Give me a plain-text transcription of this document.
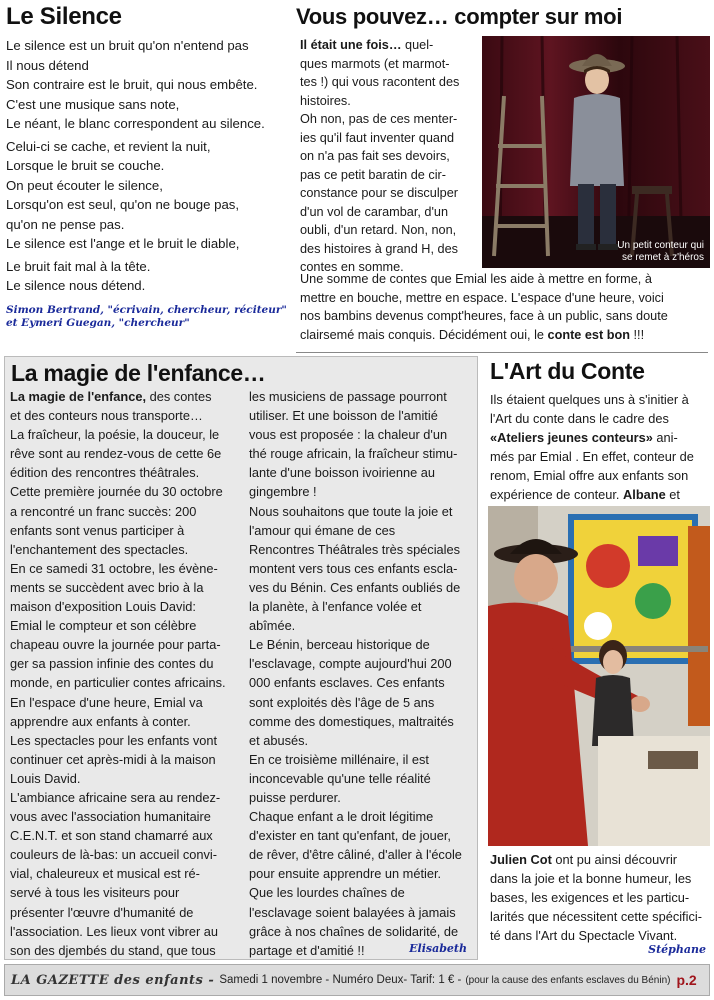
Le Silence
Le silence est un bruit qu'on n'entend pas
Il nous détend
Son contraire est le bruit, qui nous embête.
C'est une musique sans note,
Le néant, le blanc correspondent au silence.
Celui-ci se cache, et revient la nuit,
Lorsque le bruit se couche.
On peut écouter le silence,
Lorsqu'on est seul, qu'on ne bouge pas,
qu'on ne pense pas.
Le silence est l'ange et le bruit le diable,
Le bruit fait mal à la tête.
Le silence nous détend.
Simon Bertrand, "écrivain, chercheur, réciteur"
et Eymeri Guegan, "chercheur"
Vous pouvez… compter sur moi
Il était une fois… quel-
ques marmots (et marmot-
tes !) qui vous racontent des
histoires.
Oh non, pas de ces menter-
ies qu'il faut inventer quand
on n'a pas fait ses devoirs,
pas ce petit baratin de cir-
constance pour se disculper
d'un vol de carambar, d'un
oubli, d'un retard. Non, non,
des histoires à grand H, des
contes en somme.
Un petit conteur qui
se remet à z'héros
Une somme de contes que Emial les aide à mettre en forme, à
mettre en bouche, mettre en espace. L'espace d'une heure, voici
nos bambins devenus compt'heures, face à un public, sans doute
clairsemé mais conquis. Décidément oui, le conte est bon !!!
La magie de l'enfance…
La magie de l'enfance, des contes
et des conteurs nous transporte…
La fraîcheur, la poésie, la douceur, le
rêve sont au rendez-vous de cette 6e
édition des rencontres théâtrales.
Cette première journée du 30 octobre
a rencontré un franc succès: 200
enfants sont venus participer à
l'enchantement des spectacles.
En ce samedi 31 octobre, les évène-
ments se succèdent avec brio à la
maison d'exposition Louis David:
Emial le compteur et son célèbre
chapeau ouvre la journée pour parta-
ger sa passion infinie des contes du
monde, en particulier contes africains.
En l'espace d'une heure, Emial va
apprendre aux enfants à conter.
Les spectacles pour les enfants vont
continuer cet après-midi à la maison
Louis David.
L'ambiance africaine sera au rendez-
vous avec l'association humanitaire
C.E.N.T. et son stand chamarré aux
couleurs de là-bas: un accueil convi-
vial, chaleureux et musical est ré-
servé à tous les visiteurs pour
présenter l'œuvre d'humanité de
l'association. Les lieux vont vibrer au
son des djembés du stand, que tous
les musiciens de passage pourront
utiliser. Et une boisson de l'amitié
vous est proposée : la chaleur d'un
thé rouge africain, la fraîcheur stimu-
lante d'une boisson ivoirienne au
gingembre !
Nous souhaitons que toute la joie et
l'amour qui émane de ces
Rencontres Théâtrales très spéciales
montent vers tous ces enfants escla-
ves du Bénin. Ces enfants oubliés de
la planète, à l'enfance volée et
abîmée.
Le Bénin, berceau historique de
l'esclavage, compte aujourd'hui 200
000 enfants esclaves. Ces enfants
sont exploités dès l'âge de 5 ans
comme des domestiques, maltraités
et abusés.
En ce troisième millénaire, il est
inconcevable qu'une telle réalité
puisse perdurer.
Chaque enfant a le droit légitime
d'exister en tant qu'enfant, de jouer,
de rêver, d'être câliné, d'aller à l'école
pour ensuite apprendre un métier.
Que les lourdes chaînes de
l'esclavage soient balayées à jamais
grâce à nos chaînes de solidarité, de
partage et d'amitié !!	Elisabeth
L'Art du Conte
Ils étaient quelques uns à s'initier à
l'Art du conte dans le cadre des
«Ateliers jeunes conteurs» ani-
més par Emial . En effet, conteur de
renom, Emial offre aux enfants son
expérience de conteur. Albane et
Julien Cot ont pu ainsi découvrir
dans la joie et la bonne humeur, les
bases, les exigences et les particu-
larités que nécessitent cette spécifici-
té dans l'Art du Spectacle Vivant.
Stéphane
LA GAZETTE des enfants - Samedi 1 novembre - Numéro Deux- Tarif: 1 € - (pour la cause des enfants esclaves du Bénin) p.2
